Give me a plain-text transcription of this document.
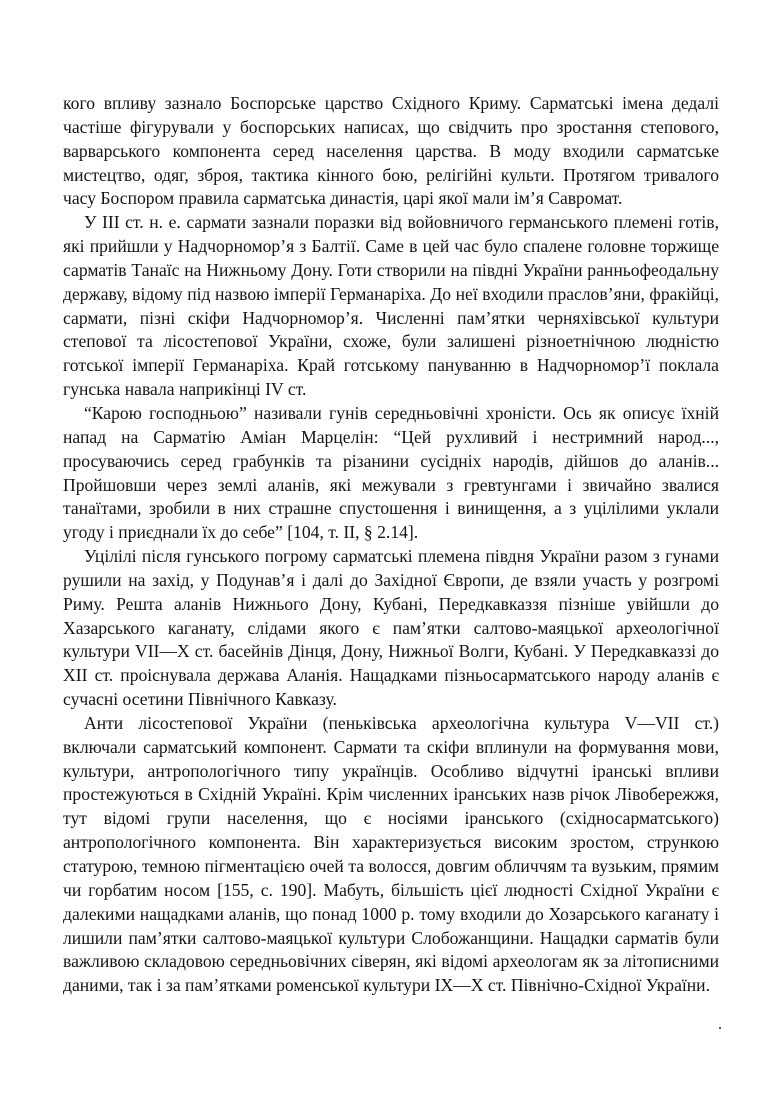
кого впливу зазнало Боспорське царство Східного Криму. Сарматські імена дедалі частіше фігурували у боспорських написах, що свідчить про зростання степового, варварського компонента серед населення царства. В моду входили сарматське мистецтво, одяг, зброя, тактика кінного бою, релігійні культи. Протягом тривалого часу Боспором правила сарматська династія, царі якої мали ім’я Савромат.

У III ст. н. е. сармати зазнали поразки від войовничого германського племені готів, які прийшли у Надчорномор’я з Балтії. Саме в цей час було спалене головне торжище сарматів Танаїс на Нижньому Дону. Готи створили на півдні України ранньофеодальну державу, відому під назвою імперії Германаріха. До неї входили праслов’яни, фракійці, сармати, пізні скіфи Надчорноморʼя. Численні памʼятки черняхівської культури степової та лісостепової України, схоже, були залишені різноетнічною людністю готської імперії Германаріха. Край готському пануванню в Надчорномор’ї поклала гунська навала наприкінці IV ст.

“Карою господньою” називали гунів середньовічні хроністи. Ось як описує їхній напад на Сарматію Аміан Марцелін: “Цей рухливий і нестримний народ..., просуваючись серед грабунків та різанини сусідніх народів, дійшов до аланів... Пройшовши через землі аланів, які межували з гревтунгами і звичайно звалися танаїтами, зробили в них страшне спустошення і винищення, а з уцілілими уклали угоду і приєднали їх до себе” [104, т. II, § 2.14].

Уцілілі після гунського погрому сарматські племена півдня України разом з гунами рушили на захід, у Подунав’я і далі до Західної Європи, де взяли участь у розгромі Риму. Решта аланів Нижнього Дону, Кубані, Передкавказзя пізніше увійшли до Хазарського каганату, слідами якого є пам’ятки салтово-маяцької археологічної культури VII—X ст. басейнів Дінця, Дону, Нижньої Волги, Кубані. У Передкавказзі до XII ст. проіснувала держава Аланія. Нащадками пізньосарматського народу аланів є сучасні осетини Північного Кавказу.

Анти лісостепової України (пеньківська археологічна культура V—VII ст.) включали сарматський компонент. Сармати та скіфи вплинули на формування мови, культури, антропологічного типу українців. Особливо відчутні іранські впливи простежуються в Східній Україні. Крім численних іранських назв річок Лівобережжя, тут відомі групи населення, що є носіями іранського (східносарматського) антропологічного компонента. Він характеризується високим зростом, стрункою статурою, темною пігментацією очей та волосся, довгим обличчям та вузьким, прямим чи горбатим носом [155, с. 190]. Мабуть, більшість цієї людності Східної України є далекими нащадками аланів, що понад 1000 р. тому входили до Хозарського каганату і лишили пам’ятки салтово-маяцької культури Слобожанщини. Нащадки сарматів були важливою складовою середньовічних сіверян, які відомі археологам як за літописними даними, так і за пам’ятками роменської культури IX—X ст. Північно-Східної України.
